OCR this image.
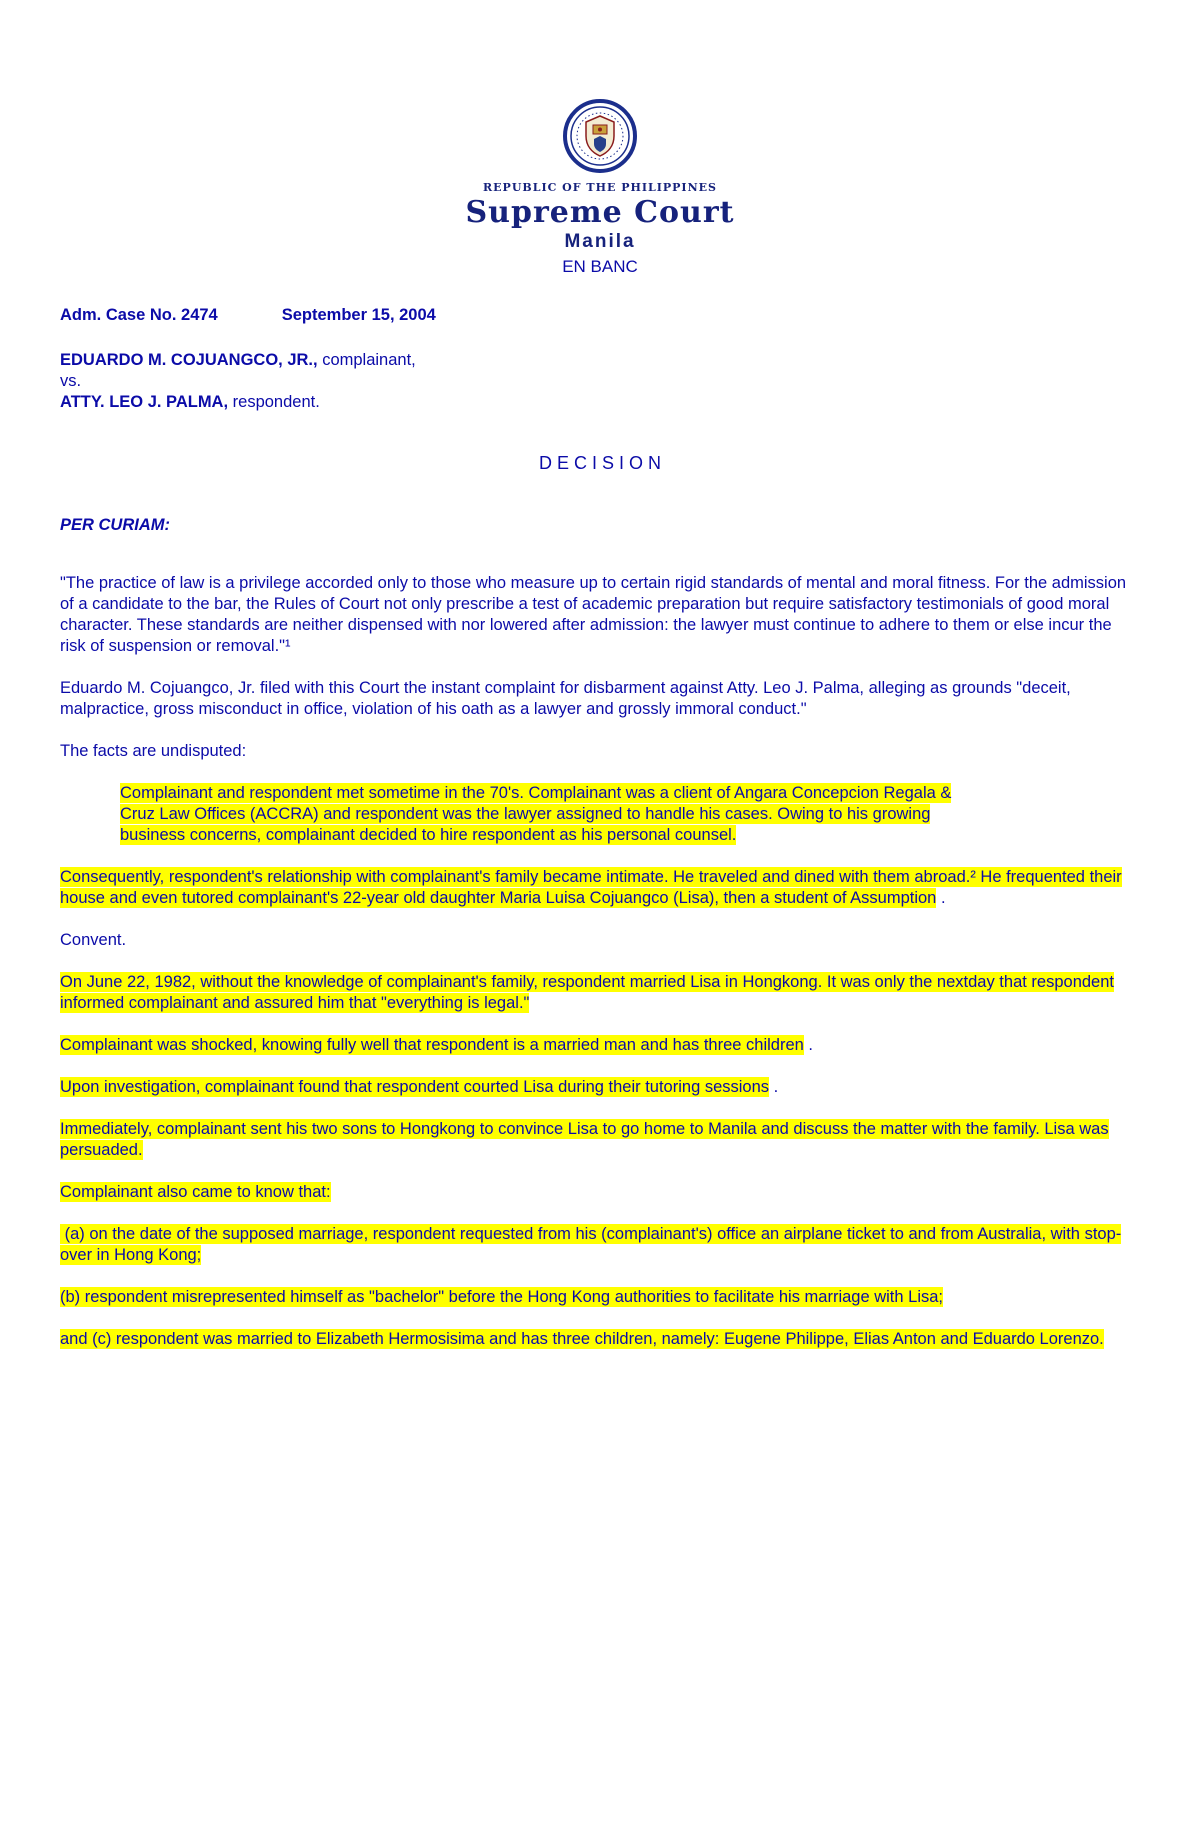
REPUBLIC OF THE PHILIPPINES
Supreme Court
Manila
EN BANC

Adm. Case No. 2474	September 15, 2004

EDUARDO M. COJUANGCO, JR., complainant,
vs.
ATTY. LEO J. PALMA, respondent.

D E C I S I O N

PER CURIAM:

"The practice of law is a privilege accorded only to those who measure up to certain rigid standards of mental and moral fitness. For the admission of a candidate to the bar, the Rules of Court not only prescribe a test of academic preparation but require satisfactory testimonials of good moral character. These standards are neither dispensed with nor lowered after admission: the lawyer must continue to adhere to them or else incur the risk of suspension or removal."¹

Eduardo M. Cojuangco, Jr. filed with this Court the instant complaint for disbarment against Atty. Leo J. Palma, alleging as grounds "deceit, malpractice, gross misconduct in office, violation of his oath as a lawyer and grossly immoral conduct."

The facts are undisputed:

Complainant and respondent met sometime in the 70's. Complainant was a client of Angara Concepcion Regala & Cruz Law Offices (ACCRA) and respondent was the lawyer assigned to handle his cases. Owing to his growing business concerns, complainant decided to hire respondent as his personal counsel.

Consequently, respondent's relationship with complainant's family became intimate. He traveled and dined with them abroad.² He frequented their house and even tutored complainant's 22-year old daughter Maria Luisa Cojuangco (Lisa), then a student of Assumption .

Convent.

On June 22, 1982, without the knowledge of complainant's family, respondent married Lisa in Hongkong. It was only the nextday that respondent informed complainant and assured him that "everything is legal."

Complainant was shocked, knowing fully well that respondent is a married man and has three children .

Upon investigation, complainant found that respondent courted Lisa during their tutoring sessions .

Immediately, complainant sent his two sons to Hongkong to convince Lisa to go home to Manila and discuss the matter with the family. Lisa was persuaded.

Complainant also came to know that:

(a) on the date of the supposed marriage, respondent requested from his (complainant's) office an airplane ticket to and from Australia, with stop-over in Hong Kong;

(b) respondent misrepresented himself as "bachelor" before the Hong Kong authorities to facilitate his marriage with Lisa;

and (c) respondent was married to Elizabeth Hermosisima and has three children, namely: Eugene Philippe, Elias Anton and Eduardo Lorenzo.
